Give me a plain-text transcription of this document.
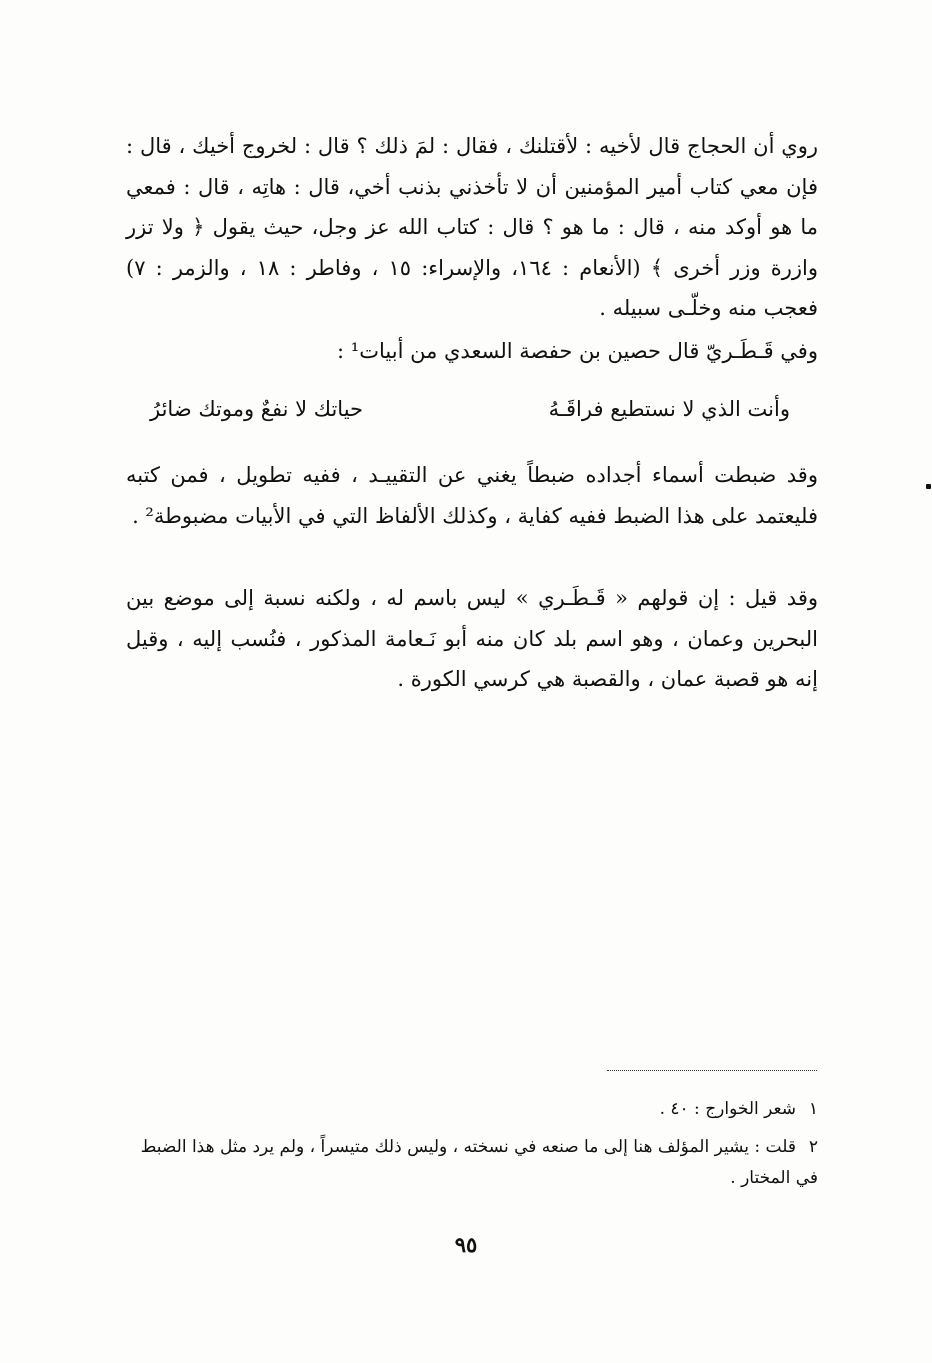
روي أن الحجاج قال لأخيه : لأقتلنك ، فقال : لمَ ذلك ؟ قال : لخروج أخيك ، قال : فإن معي كتاب أمير المؤمنين أن لا تأخذني بذنب أخي، قال : هاتِه ، قال : فمعي ما هو أوكد منه ، قال : ما هو ؟ قال : كتاب الله عز وجل، حيث يقول ﴿ ولا تزر وازرة وزر أخرى ﴾ (الأنعام : ١٦٤، والإسراء: ١٥ ، وفاطر : ١٨ ، والزمر : ٧) فعجب منه وخلّـى سبيله .

وفي قَـطَـريّ قال حصين بن حفصة السعدي من أبيات¹ :

وأنت الذي لا نستطيع فراقَـهُ
حياتك لا نفعٌ وموتك ضائرُ

وقد ضبطت أسماء أجداده ضبطاً يغني عن التقييـد ، ففيه تطويل ، فمن كتبه فليعتمد على هذا الضبط ففيه كفاية ، وكذلك الألفاظ التي في الأبيات مضبوطة² .

وقد قيل : إن قولهم « قَـطَـري » ليس باسم له ، ولكنه نسبة إلى موضع بين البحرين وعمان ، وهو اسم بلد كان منه أبو نَـعامة المذكور ، فنُسب إليه ، وقيل إنه هو قصبة عمان ، والقصبة هي كرسي الكورة .

١شعر الخوارج : ٤٠ .
٢قلت : يشير المؤلف هنا إلى ما صنعه في نسخته ، وليس ذلك متيسراً ، ولم يرد مثل هذا الضبط في المختار .
٩٥
